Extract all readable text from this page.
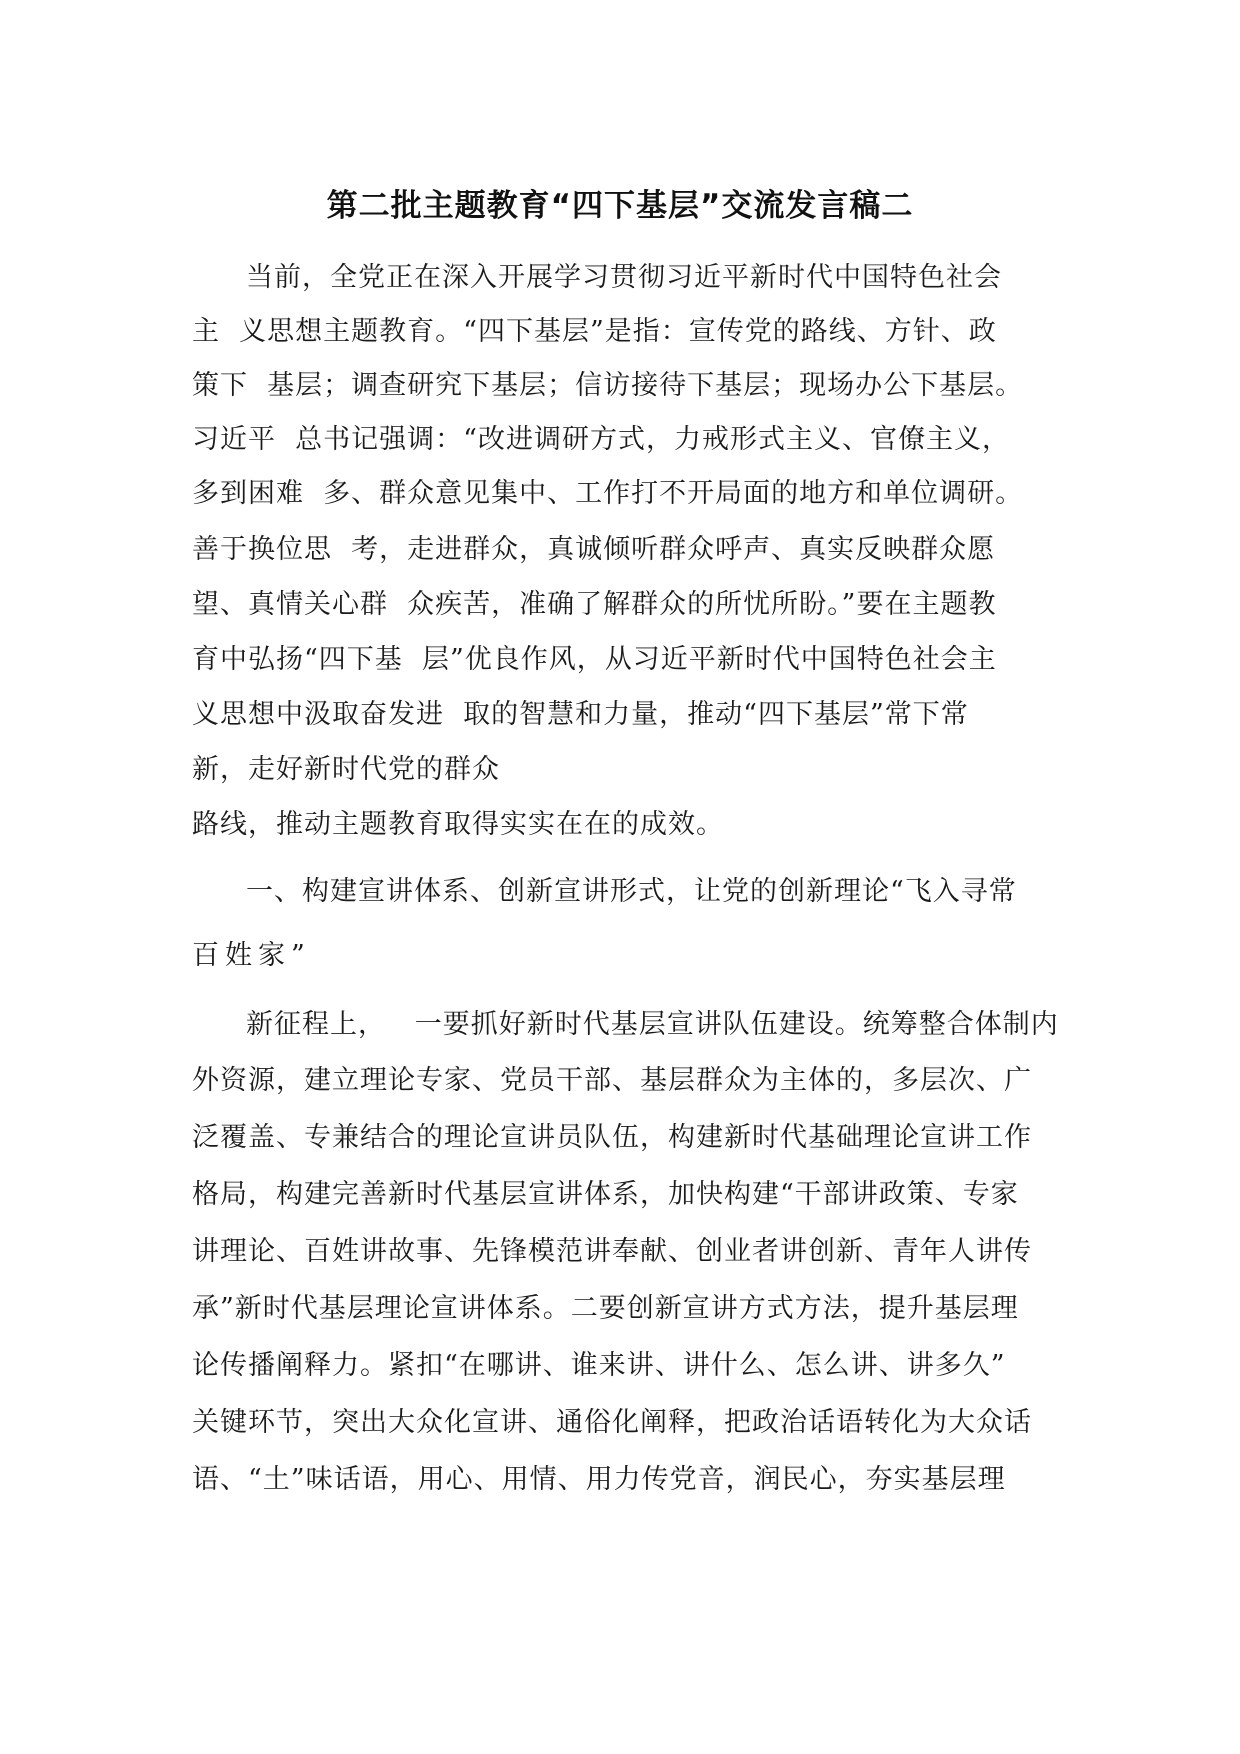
第二批主题教育“四下基层”交流发言稿二
当前，全党正在深入开展学习贯彻习近平新时代中国特色社会
主  义思想主题教育。“四下基层”是指：宣传党的路线、方针、政
策下  基层；调查研究下基层；信访接待下基层；现场办公下基层。
习近平  总书记强调：“改进调研方式，力戒形式主义、官僚主义，
多到困难  多、群众意见集中、工作打不开局面的地方和单位调研。
善于换位思  考，走进群众，真诚倾听群众呼声、真实反映群众愿
望、真情关心群  众疾苦，准确了解群众的所忧所盼。”要在主题教
育中弘扬“四下基  层”优良作风，从习近平新时代中国特色社会主
义思想中汲取奋发进  取的智慧和力量，推动“四下基层”常下常
新，走好新时代党的群众
路线，推动主题教育取得实实在在的成效。
一、构建宣讲体系、创新宣讲形式，让党的创新理论“飞入寻常
百姓家”
新征程上，   一要抓好新时代基层宣讲队伍建设。统筹整合体制内
外资源，建立理论专家、党员干部、基层群众为主体的，多层次、广
泛覆盖、专兼结合的理论宣讲员队伍，构建新时代基础理论宣讲工作
格局，构建完善新时代基层宣讲体系，加快构建“干部讲政策、专家
讲理论、百姓讲故事、先锋模范讲奉献、创业者讲创新、青年人讲传
承”新时代基层理论宣讲体系。二要创新宣讲方式方法，提升基层理
论传播阐释力。紧扣“在哪讲、谁来讲、讲什么、怎么讲、讲多久”
关键环节，突出大众化宣讲、通俗化阐释，把政治话语转化为大众话
语、“土”味话语，用心、用情、用力传党音，润民心，夯实基层理
